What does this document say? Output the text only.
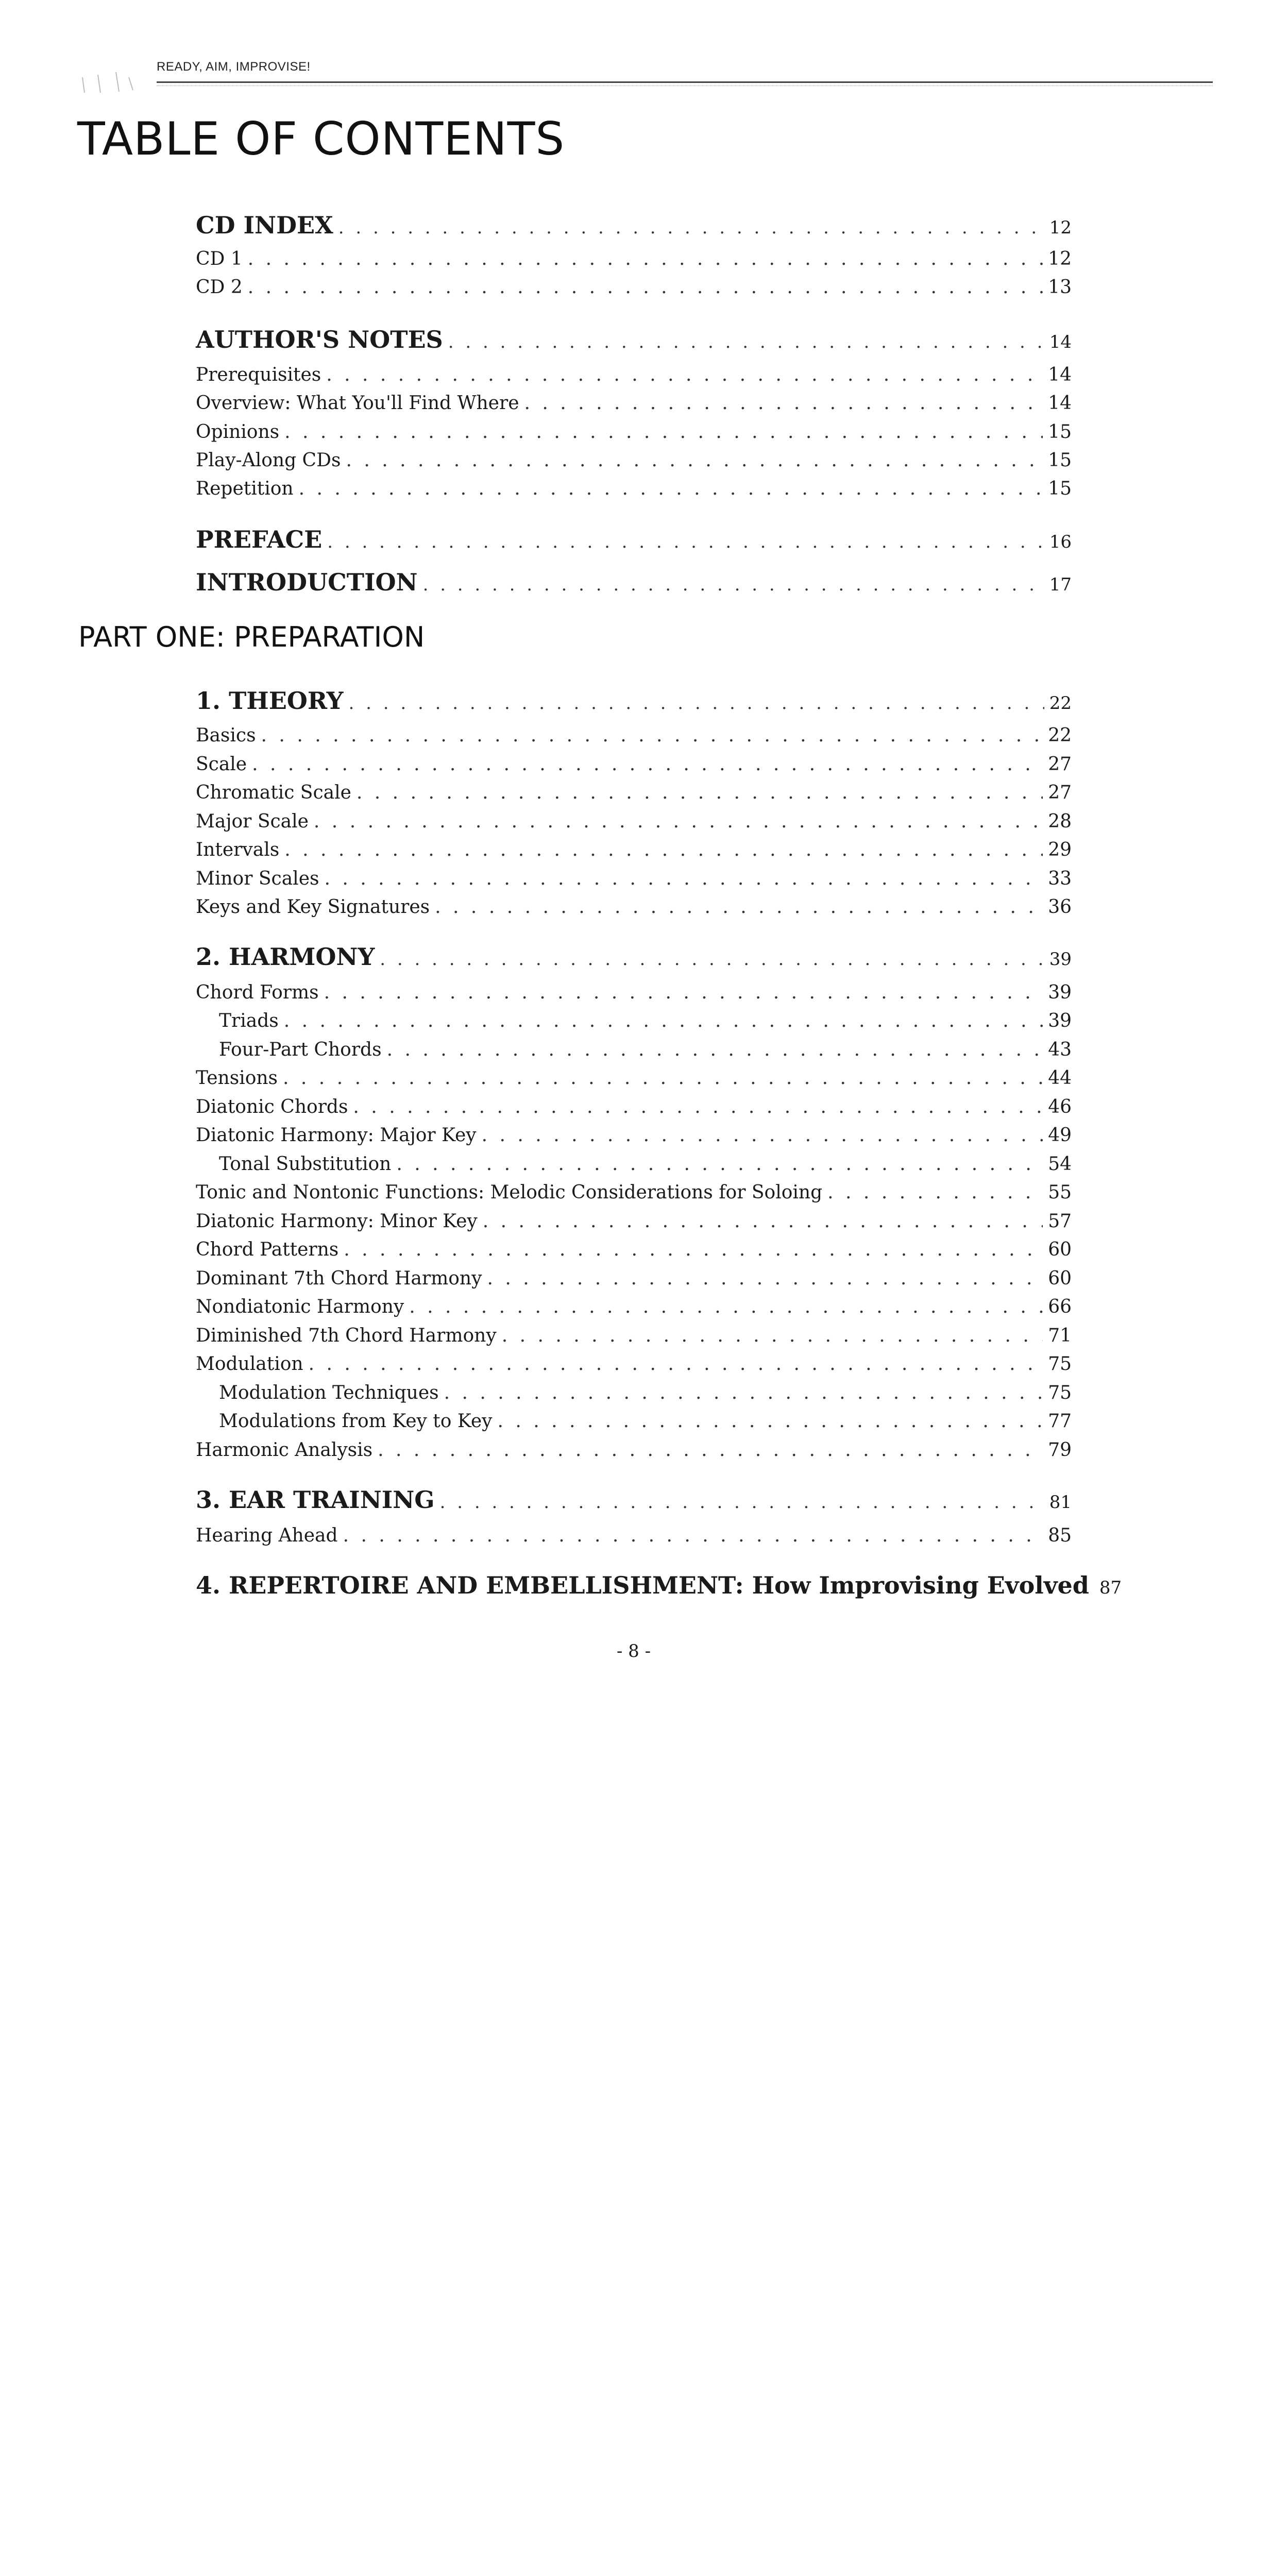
READY, AIM, IMPROVISE!
TABLE OF CONTENTS
CD INDEX . . .	12
CD 1 . . .	12
CD 2 . . .	13
AUTHOR'S NOTES . . .	14
Prerequisites . . .	14
Overview: What You'll Find Where . . .	14
Opinions . . .	15
Play-Along CDs . . .	15
Repetition . . .	15
PREFACE . . .	16
INTRODUCTION . . .	17
PART ONE: PREPARATION
1. THEORY . . .	22
Basics . . .	22
Scale . . .	27
Chromatic Scale . . .	27
Major Scale . . .	28
Intervals . . .	29
Minor Scales . . .	33
Keys and Key Signatures . . .	36
2. HARMONY . . .	39
Chord Forms . . .	39
Triads . . .	39
Four-Part Chords . . .	43
Tensions . . .	44
Diatonic Chords . . .	46
Diatonic Harmony: Major Key . . .	49
Tonal Substitution . . .	54
Tonic and Nontonic Functions: Melodic Considerations for Soloing . . .	55
Diatonic Harmony: Minor Key . . .	57
Chord Patterns . . .	60
Dominant 7th Chord Harmony . . .	60
Nondiatonic Harmony . . .	66
Diminished 7th Chord Harmony . . .	71
Modulation . . .	75
Modulation Techniques . . .	75
Modulations from Key to Key . . .	77
Harmonic Analysis . . .	79
3. EAR TRAINING . . .	81
Hearing Ahead . . .	85
4. REPERTOIRE AND EMBELLISHMENT: How Improvising Evolved 87
- 8 -
